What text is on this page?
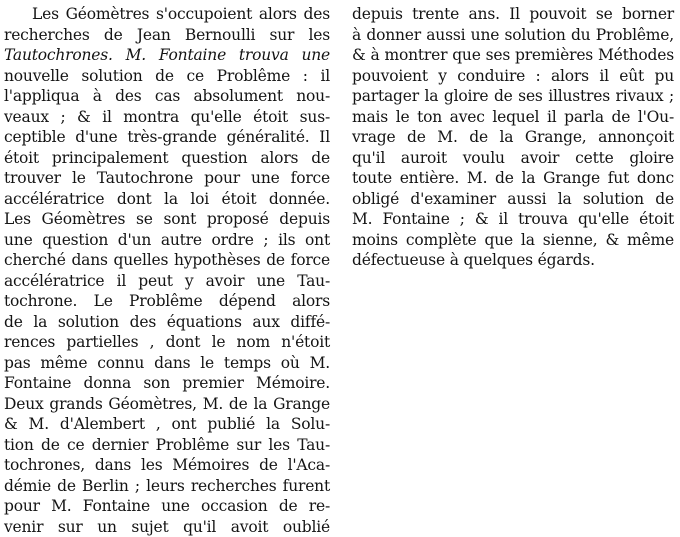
Les Géomètres s'occupoient alors des
recherches de Jean Bernoulli sur les
Tautochrones. M. Fontaine trouva une
nouvelle solution de ce Problême : il
l'appliqua à des cas absolument nou-
veaux ; & il montra qu'elle étoit sus-
ceptible d'une très-grande généralité. Il
étoit principalement question alors de
trouver le Tautochrone pour une force
accélératrice dont la loi étoit donnée.
Les Géomètres se sont proposé depuis
une question d'un autre ordre ; ils ont
cherché dans quelles hypothèses de force
accélératrice il peut y avoir une Tau-
tochrone. Le Problême dépend alors
de la solution des équations aux diffé-
rences partielles , dont le nom n'étoit
pas même connu dans le temps où M.
Fontaine donna son premier Mémoire.
Deux grands Géomètres, M. de la Grange
& M. d'Alembert , ont publié la Solu-
tion de ce dernier Problême sur les Tau-
tochrones, dans les Mémoires de l'Aca-
démie de Berlin ; leurs recherches furent
pour M. Fontaine une occasion de re-
venir sur un sujet qu'il avoit oublié
depuis trente ans. Il pouvoit se borner
à donner aussi une solution du Problême,
& à montrer que ses premières Méthodes
pouvoient y conduire : alors il eût pu
partager la gloire de ses illustres rivaux ;
mais le ton avec lequel il parla de l'Ou-
vrage de M. de la Grange, annonçoit
qu'il auroit voulu avoir cette gloire
toute entière. M. de la Grange fut donc
obligé d'examiner aussi la solution de
M. Fontaine ; & il trouva qu'elle étoit
moins complète que la sienne, & même
défectueuse à quelques égards.
